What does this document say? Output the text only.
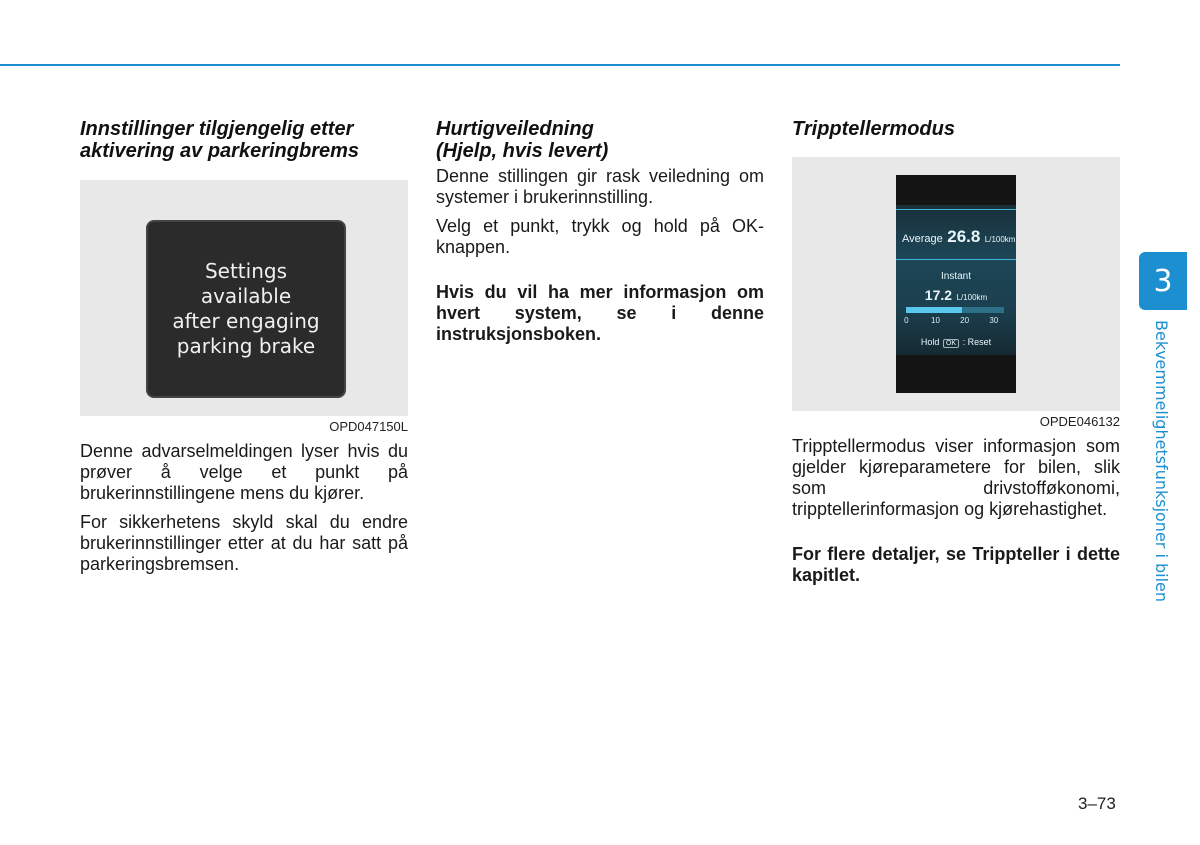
Innstillinger tilgjengelig etter
aktivering av parkeringbrems
Settings
available
after engaging
parking brake
OPD047150L

Denne advarselmeldingen lyser hvis du prøver å velge et punkt på brukerinnstillingene mens du kjører.

For sikkerhetens skyld skal du endre brukerinnstillinger etter at du har satt på parkeringsbremsen.

Hurtigveiledning
(Hjelp, hvis levert)

Denne stillingen gir rask veiledning om systemer i brukerinnstilling.

Velg et punkt, trykk og hold på OK-knappen.

Hvis du vil ha mer informasjon om hvert system, se i denne instruksjonsboken.

Tripptellermodus
Average 26.8 L/100km
Instant
17.2 L/100km
0	10	20	30
Hold OK : Reset
OPDE046132

Tripptellermodus viser informasjon som gjelder kjøreparametere for bilen, slik som drivstofføkonomi, tripptellerinformasjon og kjørehastighet.

For flere detaljer, se Trippteller i dette kapitlet.

3
Bekvemmelighetsfunksjoner i bilen
3–73
